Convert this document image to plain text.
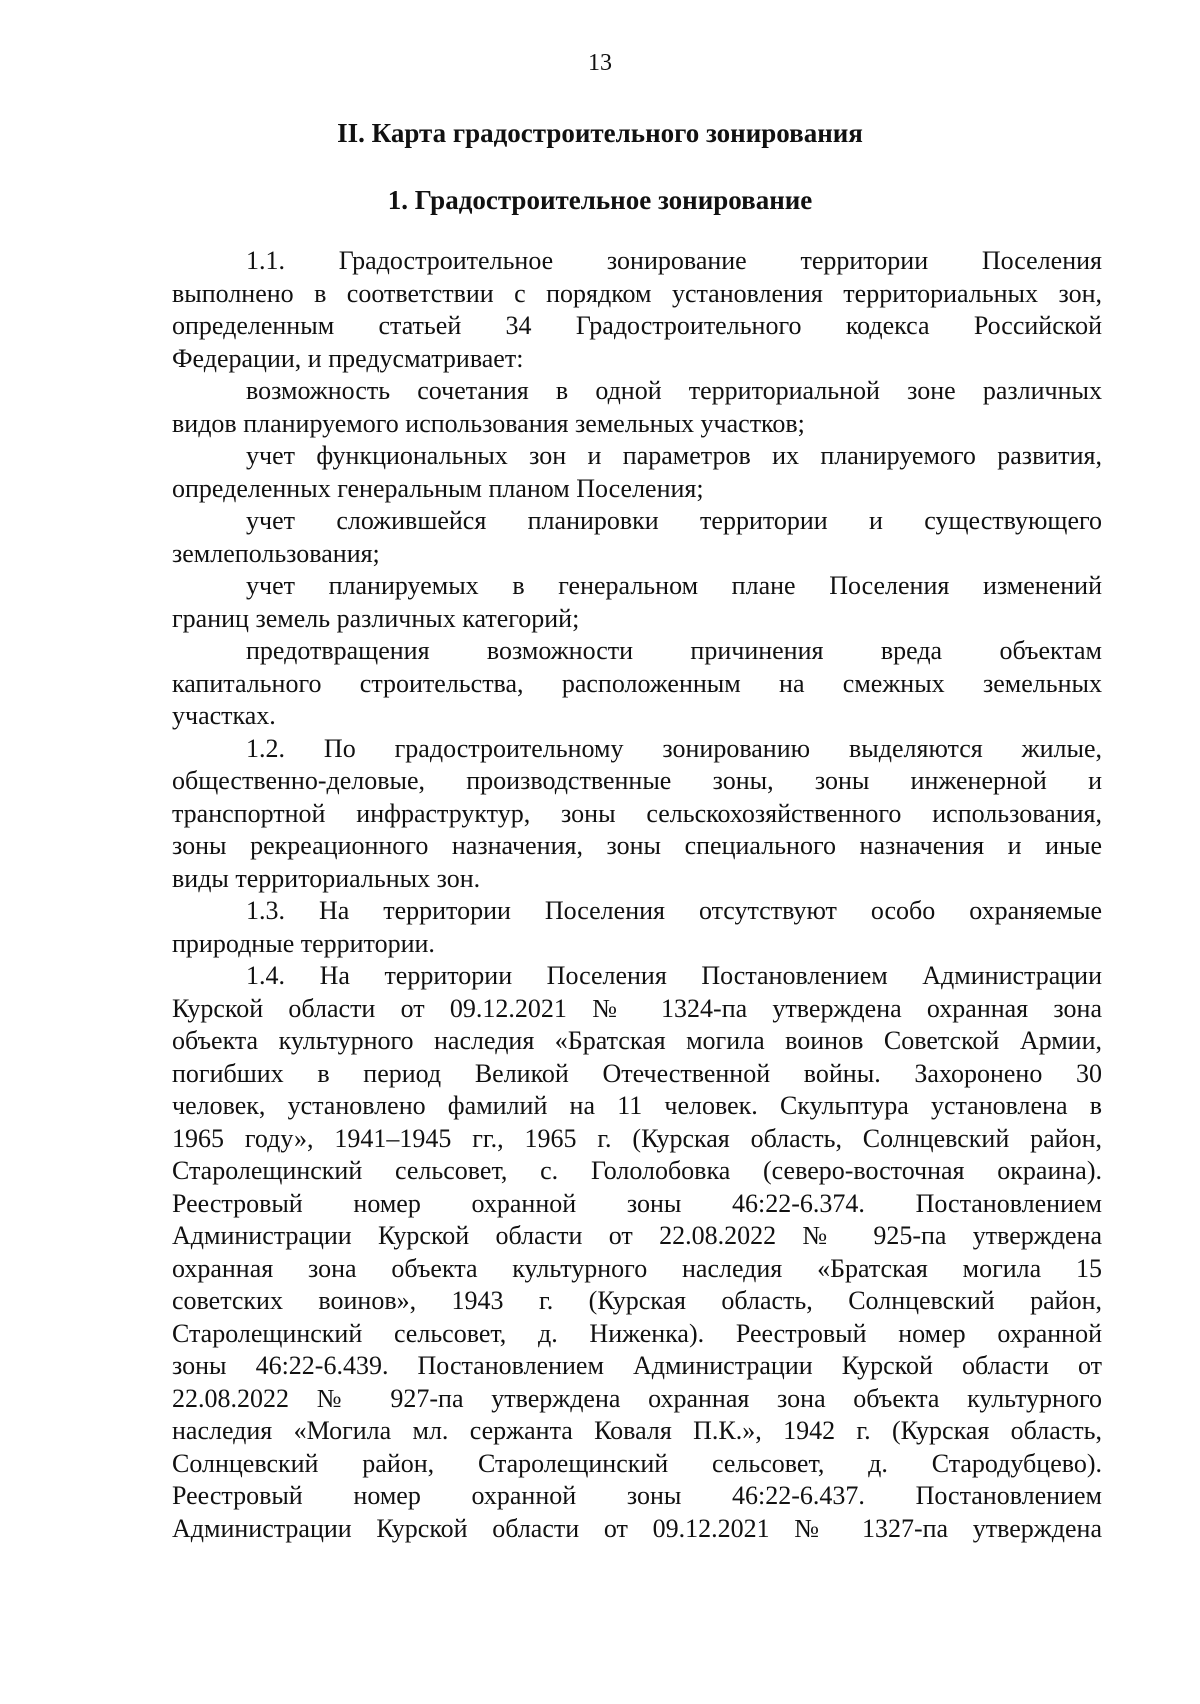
13
II. Карта градостроительного зонирования
1. Градостроительное зонирование
1.1. Градостроительное зонирование территории Поселения
выполнено в соответствии с порядком установления территориальных зон,
определенным статьей 34 Градостроительного кодекса Российской
Федерации, и предусматривает:
возможность сочетания в одной территориальной зоне различных
видов планируемого использования земельных участков;
учет функциональных зон и параметров их планируемого развития,
определенных генеральным планом Поселения;
учет сложившейся планировки территории и существующего
землепользования;
учет планируемых в генеральном плане Поселения изменений
границ земель различных категорий;
предотвращения возможности причинения вреда объектам
капитального строительства, расположенным на смежных земельных
участках.
1.2. По градостроительному зонированию выделяются жилые,
общественно-деловые, производственные зоны, зоны инженерной и
транспортной инфраструктур, зоны сельскохозяйственного использования,
зоны рекреационного назначения, зоны специального назначения и иные
виды территориальных зон.
1.3. На территории Поселения отсутствуют особо охраняемые
природные территории.
1.4. На территории Поселения Постановлением Администрации
Курской области от 09.12.2021 № 1324-па утверждена охранная зона
объекта культурного наследия «Братская могила воинов Советской Армии,
погибших в период Великой Отечественной войны. Захоронено 30
человек, установлено фамилий на 11 человек. Скульптура установлена в
1965 году», 1941–1945 гг., 1965 г. (Курская область, Солнцевский район,
Старолещинский сельсовет, с. Гололобовка (северо-восточная окраина).
Реестровый номер охранной зоны 46:22-6.374. Постановлением
Администрации Курской области от 22.08.2022 № 925-па утверждена
охранная зона объекта культурного наследия «Братская могила 15
советских воинов», 1943 г. (Курская область, Солнцевский район,
Старолещинский сельсовет, д. Ниженка). Реестровый номер охранной
зоны 46:22-6.439. Постановлением Администрации Курской области от
22.08.2022 № 927-па утверждена охранная зона объекта культурного
наследия «Могила мл. сержанта Коваля П.К.», 1942 г. (Курская область,
Солнцевский район, Старолещинский сельсовет, д. Стародубцево).
Реестровый номер охранной зоны 46:22-6.437. Постановлением
Администрации Курской области от 09.12.2021 № 1327-па утверждена
